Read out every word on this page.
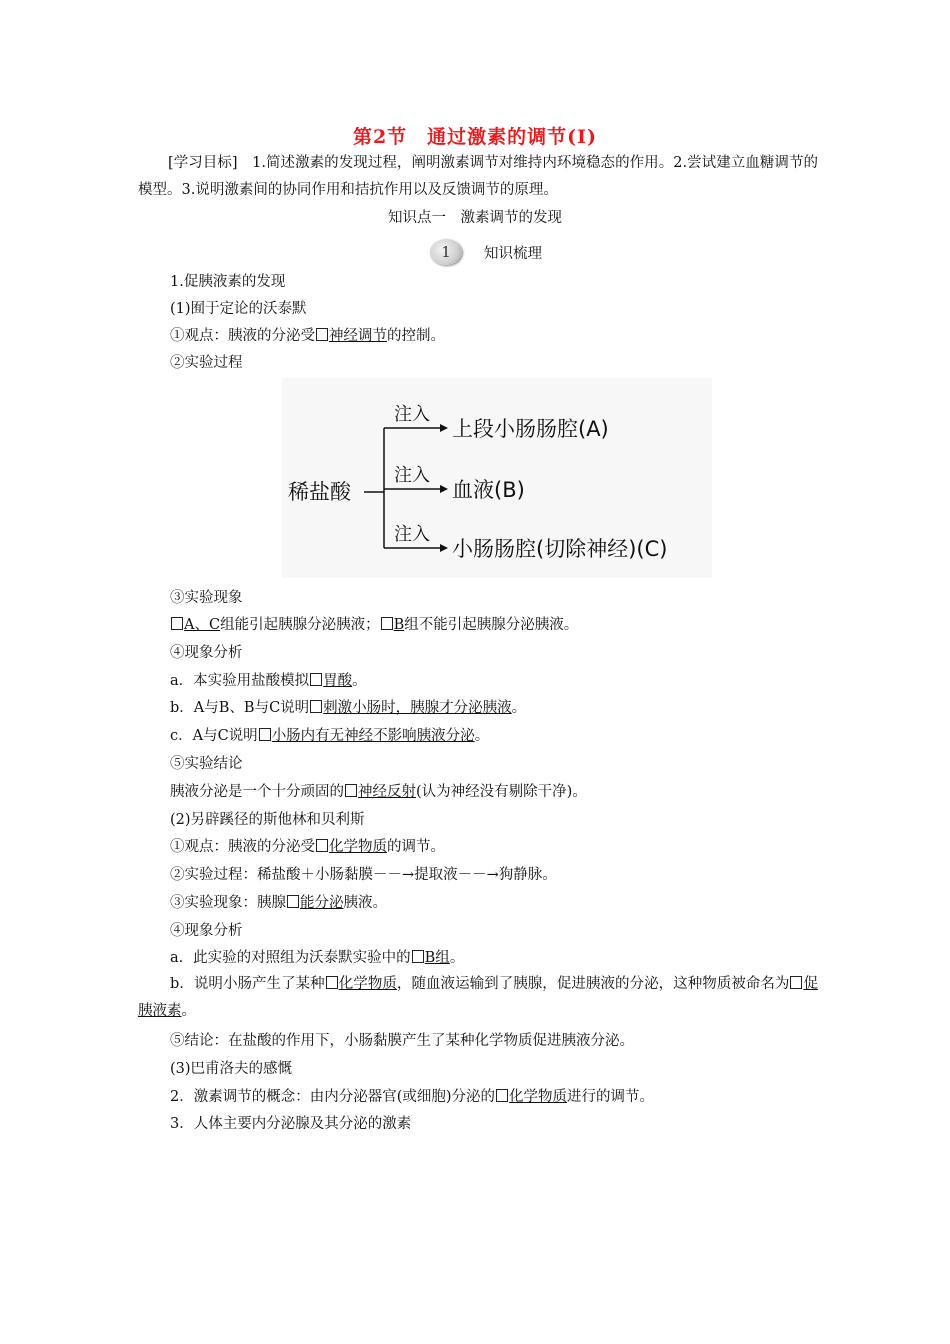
第2节　通过激素的调节(Ⅰ)
[学习目标]　1.简述激素的发现过程，阐明激素调节对维持内环境稳态的作用。2.尝试建立血糖调节的模型。3.说明激素间的协同作用和拮抗作用以及反馈调节的原理。
知识点一　激素调节的发现
1	知识梳理
1.促胰液素的发现
(1)囿于定论的沃泰默
①观点：胰液的分泌受 神经调节的控制。
②实验过程
稀盐酸
注入
注入
注入
上段小肠肠腔(A)
血液(B)
小肠肠腔(切除神经)(C)
③实验现象
A、C组能引起胰腺分泌胰液； B组不能引起胰腺分泌胰液。
④现象分析
a．本实验用盐酸模拟 胃酸。
b．A与B、B与C说明 刺激小肠时，胰腺才分泌胰液。
c．A与C说明 小肠内有无神经不影响胰液分泌。
⑤实验结论
胰液分泌是一个十分顽固的 神经反射(认为神经没有剔除干净)。
(2)另辟蹊径的斯他林和贝利斯
①观点：胰液的分泌受 化学物质的调节。
②实验过程：稀盐酸＋小肠黏膜－－→提取液－－→狗静脉。
③实验现象：胰腺 能分泌胰液。
④现象分析
a．此实验的对照组为沃泰默实验中的 B组。
b．说明小肠产生了某种 化学物质，随血液运输到了胰腺，促进胰液的分泌，这种物质被命名为 促胰液素。
⑤结论：在盐酸的作用下，小肠黏膜产生了某种化学物质促进胰液分泌。
(3)巴甫洛夫的感慨
2．激素调节的概念：由内分泌器官(或细胞)分泌的 化学物质进行的调节。
3．人体主要内分泌腺及其分泌的激素
